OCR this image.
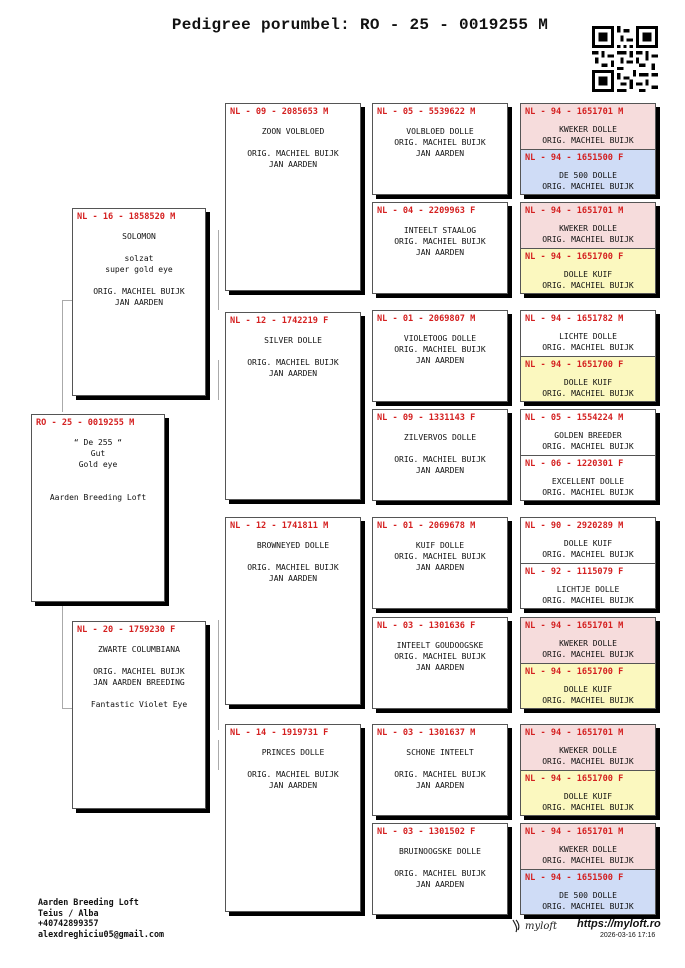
Pedigree porumbel: RO - 25 - 0019255 M
RO - 25 - 0019255 M
“ De 255 “
Gut
Gold eye
Aarden Breeding Loft
NL - 16 - 1858520 M
SOLOMON
solzat
super gold eye
ORIG. MACHIEL BUIJK
JAN AARDEN
NL - 20 - 1759230 F
ZWARTE COLUMBIANA
ORIG. MACHIEL BUIJK
JAN AARDEN BREEDING
Fantastic Violet Eye
NL - 09 - 2085653 M
ZOON VOLBLOED
ORIG. MACHIEL BUIJK
JAN AARDEN
NL - 12 - 1742219 F
SILVER DOLLE
ORIG. MACHIEL BUIJK
JAN AARDEN
NL - 12 - 1741811 M
BROWNEYED DOLLE
ORIG. MACHIEL BUIJK
JAN AARDEN
NL - 14 - 1919731 F
PRINCES DOLLE
ORIG. MACHIEL BUIJK
JAN AARDEN
NL - 05 - 5539622 M
VOLBLOED DOLLE
ORIG. MACHIEL BUIJK
JAN AARDEN
NL - 04 - 2209963 F
INTEELT STAALOG
ORIG. MACHIEL BUIJK
JAN AARDEN
NL - 01 - 2069807 M
VIOLETOOG DOLLE
ORIG. MACHIEL BUIJK
JAN AARDEN
NL - 09 - 1331143 F
ZILVERVOS DOLLE
ORIG. MACHIEL BUIJK
JAN AARDEN
NL - 01 - 2069678 M
KUIF DOLLE
ORIG. MACHIEL BUIJK
JAN AARDEN
NL - 03 - 1301636 F
INTEELT GOUDOOGSKE
ORIG. MACHIEL BUIJK
JAN AARDEN
NL - 03 - 1301637 M
SCHONE INTEELT
ORIG. MACHIEL BUIJK
JAN AARDEN
NL - 03 - 1301502 F
BRUINOOGSKE DOLLE
ORIG. MACHIEL BUIJK
JAN AARDEN
NL - 94 - 1651701 M
KWEKER DOLLE
ORIG. MACHIEL BUIJK
NL - 94 - 1651500 F
DE 500 DOLLE
ORIG. MACHIEL BUIJK
NL - 94 - 1651701 M
KWEKER DOLLE
ORIG. MACHIEL BUIJK
NL - 94 - 1651700 F
DOLLE KUIF
ORIG. MACHIEL BUIJK
NL - 94 - 1651782 M
LICHTE DOLLE
ORIG. MACHIEL BUIJK
NL - 94 - 1651700 F
DOLLE KUIF
ORIG. MACHIEL BUIJK
NL - 05 - 1554224 M
GOLDEN BREEDER
ORIG. MACHIEL BUIJK
NL - 06 - 1220301 F
EXCELLENT DOLLE
ORIG. MACHIEL BUIJK
NL - 90 - 2920289 M
DOLLE KUIF
ORIG. MACHIEL BUIJK
NL - 92 - 1115079 F
LICHTJE DOLLE
ORIG. MACHIEL BUIJK
NL - 94 - 1651701 M
KWEKER DOLLE
ORIG. MACHIEL BUIJK
NL - 94 - 1651700 F
DOLLE KUIF
ORIG. MACHIEL BUIJK
NL - 94 - 1651701 M
KWEKER DOLLE
ORIG. MACHIEL BUIJK
NL - 94 - 1651700 F
DOLLE KUIF
ORIG. MACHIEL BUIJK
NL - 94 - 1651701 M
KWEKER DOLLE
ORIG. MACHIEL BUIJK
NL - 94 - 1651500 F
DE 500 DOLLE
ORIG. MACHIEL BUIJK
Aarden Breeding Loft
Teius / Alba
+40742899357
alexdreghiciu05@gmail.com
myloft https://myloft.ro
2026-03-16 17:16
